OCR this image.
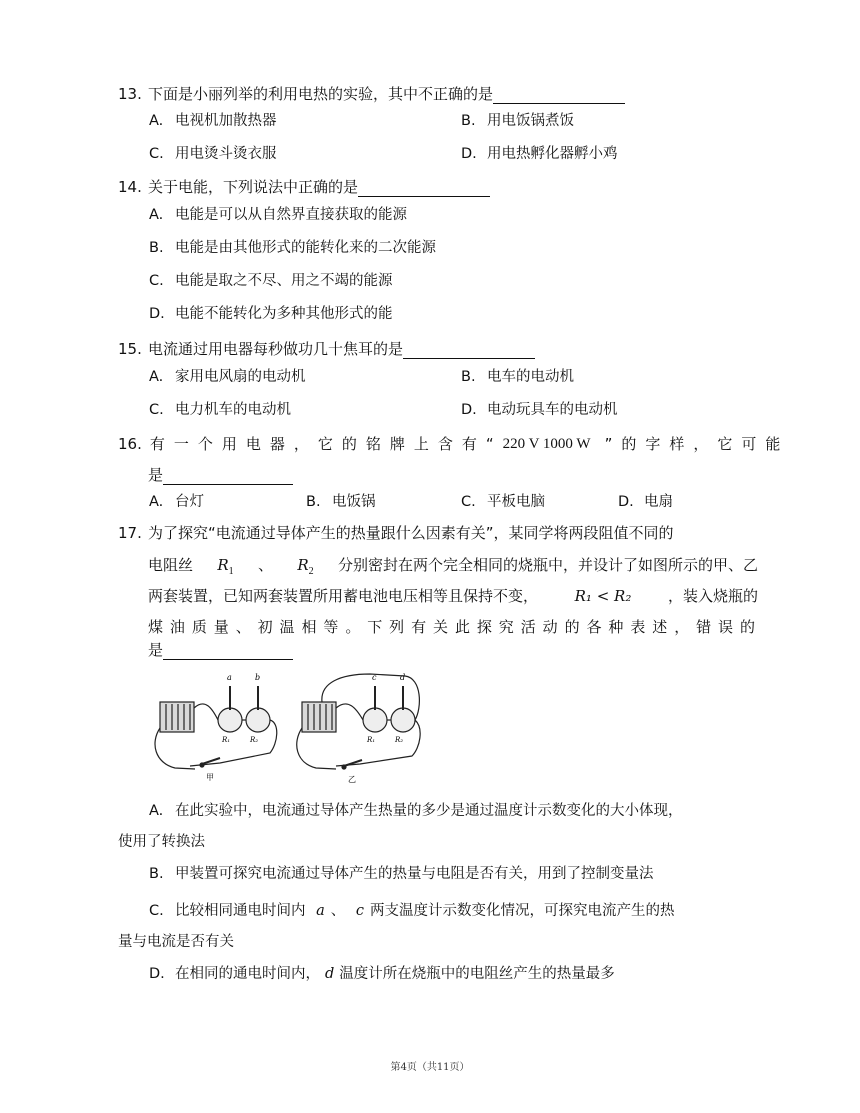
13. 下面是小丽列举的利用电热的实验，其中不正确的是
A. 电视机加散热器	B. 用电饭锅煮饭
C. 用电烫斗烫衣服	D. 用电热孵化器孵小鸡
14. 关于电能，下列说法中正确的是
A. 电能是可以从自然界直接获取的能源
B. 电能是由其他形式的能转化来的二次能源
C. 电能是取之不尽、用之不竭的能源
D. 电能不能转化为多种其他形式的能
15. 电流通过用电器每秒做功几十焦耳的是
A. 家用电风扇的电动机	B. 电车的电动机
C. 电力机车的电动机	D. 电动玩具车的电动机
16. 有一个用电器，它的铭牌上含有“ 220 V 1000 W ”的字样，它可能
是
A. 台灯	B. 电饭锅	C. 平板电脑	D. 电扇
17. 为了探究“电流通过导体产生的热量跟什么因素有关”，某同学将两段阻值不同的
电阻丝 $R_1$ 、 $R_2$ 分别密封在两个完全相同的烧瓶中，并设计了如图所示的甲、乙
两套装置，已知两套装置所用蓄电池电压相等且保持不变， R₁ < R₂ ，装入烧瓶的
煤油质量、初温相等。下列有关此探究活动的各种表述，错误的
是
a	b
R₁	R₂
甲
c	d
R₁	R₂
乙
A. 在此实验中，电流通过导体产生热量的多少是通过温度计示数变化的大小体现，
使用了转换法
B. 甲装置可探究电流通过导体产生的热量与电阻是否有关，用到了控制变量法
C. 比较相同通电时间内 a 、 c 两支温度计示数变化情况，可探究电流产生的热
量与电流是否有关
D. 在相同的通电时间内， d 温度计所在烧瓶中的电阻丝产生的热量最多
第4页（共11页）
